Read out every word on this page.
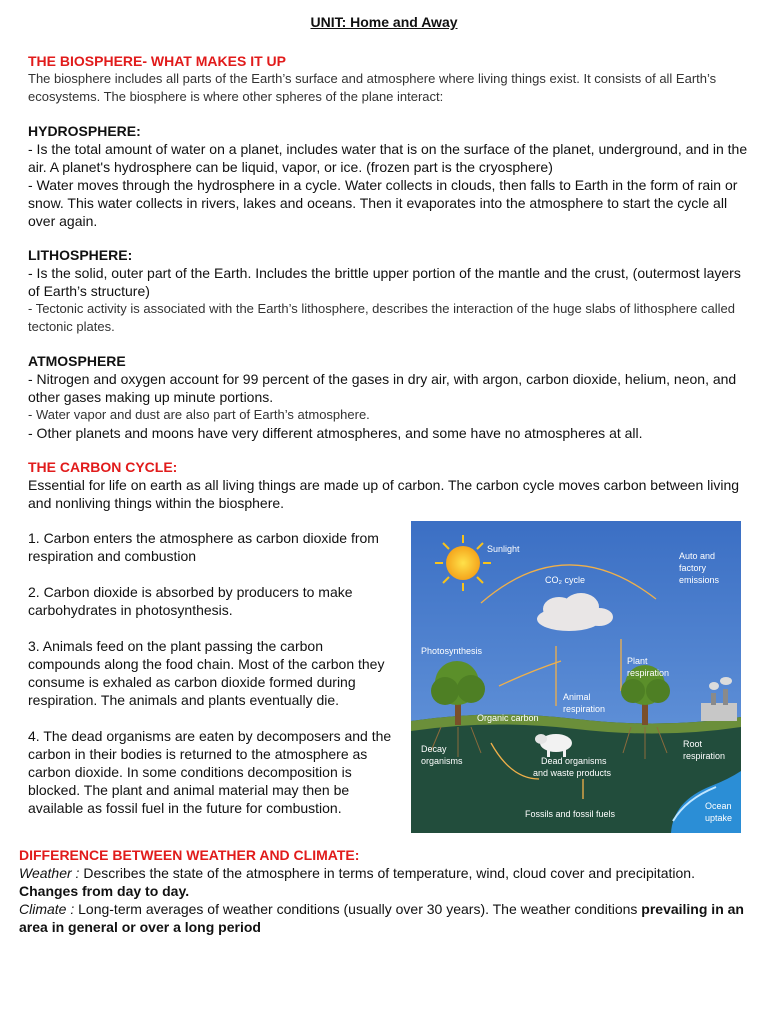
UNIT: Home and Away
THE BIOSPHERE- WHAT MAKES IT UP
The biosphere includes all parts of the Earth’s surface and atmosphere where living things exist. It consists of all Earth’s ecosystems. The biosphere is where other spheres of the plane interact:
HYDROSPHERE:
- Is the total amount of water on a planet, includes water that is on the surface of the planet, underground, and in the air. A planet's hydrosphere can be liquid, vapor, or ice. (frozen part is the cryosphere)
- Water moves through the hydrosphere in a cycle. Water collects in clouds, then falls to Earth in the form of rain or snow. This water collects in rivers, lakes and oceans. Then it evaporates into the atmosphere to start the cycle all over again.
LITHOSPHERE:
- Is the solid, outer part of the Earth. Includes the brittle upper portion of the mantle and the crust, (outermost layers of Earth’s structure)
- Tectonic activity is associated with the Earth’s lithosphere, describes the interaction of the huge slabs of lithosphere called tectonic plates.
ATMOSPHERE
- Nitrogen and oxygen account for 99 percent of the gases in dry air, with argon, carbon dioxide, helium, neon, and other gases making up minute portions.
- Water vapor and dust are also part of Earth’s atmosphere.
- Other planets and moons have very different atmospheres, and some have no atmospheres at all.
THE CARBON CYCLE:
Essential for life on earth as all living things are made up of carbon. The carbon cycle moves carbon between living and nonliving things within the biosphere.

1. Carbon enters the atmosphere as carbon dioxide from respiration and combustion

2. Carbon dioxide is absorbed by producers to make carbohydrates in photosynthesis.

3. Animals feed on the plant passing the carbon compounds along the food chain. Most of the carbon they consume is exhaled as carbon dioxide formed during respiration. The animals and plants eventually die.

4. The dead organisms are eaten by decomposers and the carbon in their bodies is returned to the atmosphere as carbon dioxide. In some conditions decomposition is blocked. The plant and animal material may then be available as fossil fuel in the future for combustion.

Sunlight
CO₂ cycle
Auto and
factory
emissions
Photosynthesis
Plant
respiration
Animal
respiration
Organic carbon
Decay
organisms	Dead organisms
and waste products
Root
respiration
Fossils and fossil fuels
Ocean
uptake
DIFFERENCE BETWEEN WEATHER AND CLIMATE:
Weather : Describes the state of the atmosphere in terms of temperature, wind, cloud cover and precipitation.
Changes from day to day.
Climate : Long-term averages of weather conditions (usually over 30 years). The weather conditions prevailing in an area in general or over a long period
